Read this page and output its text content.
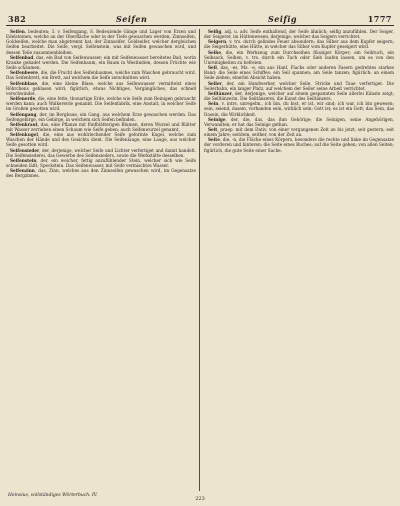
382	Seifen	Seifig	1777

Seifen, bedeuten; 3. v. Seifengang, S. Bedeutende Gänge und Lager von Erzen und Edelsteinen, welche an der Oberfläche oder in der Tiefe gewaschen werden; Zinnseifen, Goldseifen, welche man abgetrennt hat; der Zinnseifer, Goldseifer, welcher dergleichen Seifen bearbeitet. Die Seife, vergl. Seifenstein, was mit Seifen gewaschen wird, und dessen Teile zusammenbleiben.

Seifenbad, das, ein Bad von Seifenwasser; ein mit Seifenwasser bereitetes Bad, worin Kranke gebadet werden. Die Seifenbaum, ein Baum in Westindien, dessen Früchte wie Seife schäumen.

Seifenbeere, die, die Frucht des Seifenbaumes, welche zum Waschen gebraucht wird. Das Seifenbrett, ein Brett, auf welchem die Seife zerschnitten wird.

Seifenblase, die, eine kleine Blase, welche aus Seifenwasser vermittelst eines Röhrchens geblasen wird; figürlich, etwas Nichtiges, Vergängliches, das schnell verschwindet.

Seifenerde, die, eine fette, thonartige Erde, welche wie Seife zum Reinigen gebraucht werden kann; auch Walkererde genannt. Die Seifenfabrik, eine Anstalt, in welcher Seife im Großen gesotten wird.

Seifengang, der, im Bergbaue, ein Gang, aus welchem Erze gewaschen werden. Das Seifengebirge, ein Gebirge, in welchem sich Seifen befinden.

Seifenkraut, das, eine Pflanze mit fünfblätterigen Blumen, deren Wurzel und Blätter mit Wasser zerrieben einen Schaum wie Seife geben; auch Seifenwurzel genannt.

Seifenkugel, die, eine aus wohlriechender Seife geformte Kugel, welche zum Waschen der Hände und des Gesichts dient. Die Seifenlauge, eine Lauge, aus welcher Seife gesotten wird.

Seifensieder, der, derjenige, welcher Seife und Lichter verfertiget und damit handelt. Die Seifensiederei, das Gewerbe des Seifensieders, sowie die Werkstätte desselben.

Seifenstein, der, ein weicher, fettig anzufühlender Stein, welcher sich wie Seife schneiden läßt; Speckstein. Das Seifenwasser, mit Seife vermischtes Wasser.

Seifenzinn, das, Zinn, welches aus den Zinnseifen gewaschen wird, im Gegensatze des Bergzinnes.

Seifig, adj. u. adv. Seife enthaltend, der Seife ähnlich; seifig anzufühlen. Der Seiger, der Seigerer, im Hüttenwesen, derjenige, welcher das Seigern verrichtet.

Seigern, v. trs. durch gelindes Feuer absondern; das Silber aus dem Kupfer seigern; die Seigerhütte, eine Hütte, in welcher das Silber vom Kupfer geseigert wird.

Seihe, die, ein Werkzeug zum Durchseihen flüssiger Körper; ein Seihtuch, ein Seihsack. Seihen, v. trs. durch ein Tuch oder Sieb laufen lassen, um es von den Unreinigkeiten zu befreien.

Seil, das, -es, Mz. -e, ein aus Hanf, Flachs oder anderen Fasern gedrehtes starkes Band; die Seile eines Schiffes; ein Seil spannen; am Seile tanzen; figürlich: an einem Seile ziehen, einerlei Absicht haben.

Seiler, der, ein Handwerker, welcher Seile, Stricke und Taue verfertiget. Die Seilerbahn, ein langer Platz, auf welchem der Seiler seine Arbeit verrichtet.

Seiltänzer, der, derjenige, welcher auf einem gespannten Seile allerlei Künste zeigt; die Seiltänzerin. Die Seiltänzerei, die Kunst des Seiltänzers.

Sein, v. intrs. unregelm., ich bin, du bist, er ist, wir sind; ich war, ich bin gewesen; sein, seiend, dasein, vorhanden sein, wirklich sein; Gott ist; es ist ein Gott; das Sein, das Dasein, die Wirklichkeit.

Seinige, der, die, das, das ihm Gehörige; die Seinigen, seine Angehörigen, Verwandten; er hat das Seinige gethan.

Seit, praep. mit dem Dativ, von einer vergangenen Zeit an bis jetzt; seit gestern; seit einem Jahre; seitdem, seither, von der Zeit an.

Seite, die, -n, die Fläche eines Körpers, besonders die rechte und linke im Gegensatze der vorderen und hinteren; die Seite eines Buches; auf die Seite gehen; von allen Seiten; figürlich, die gute Seite einer Sache.

Heinsius, vollständiges Wörterbuch. IV.
223
